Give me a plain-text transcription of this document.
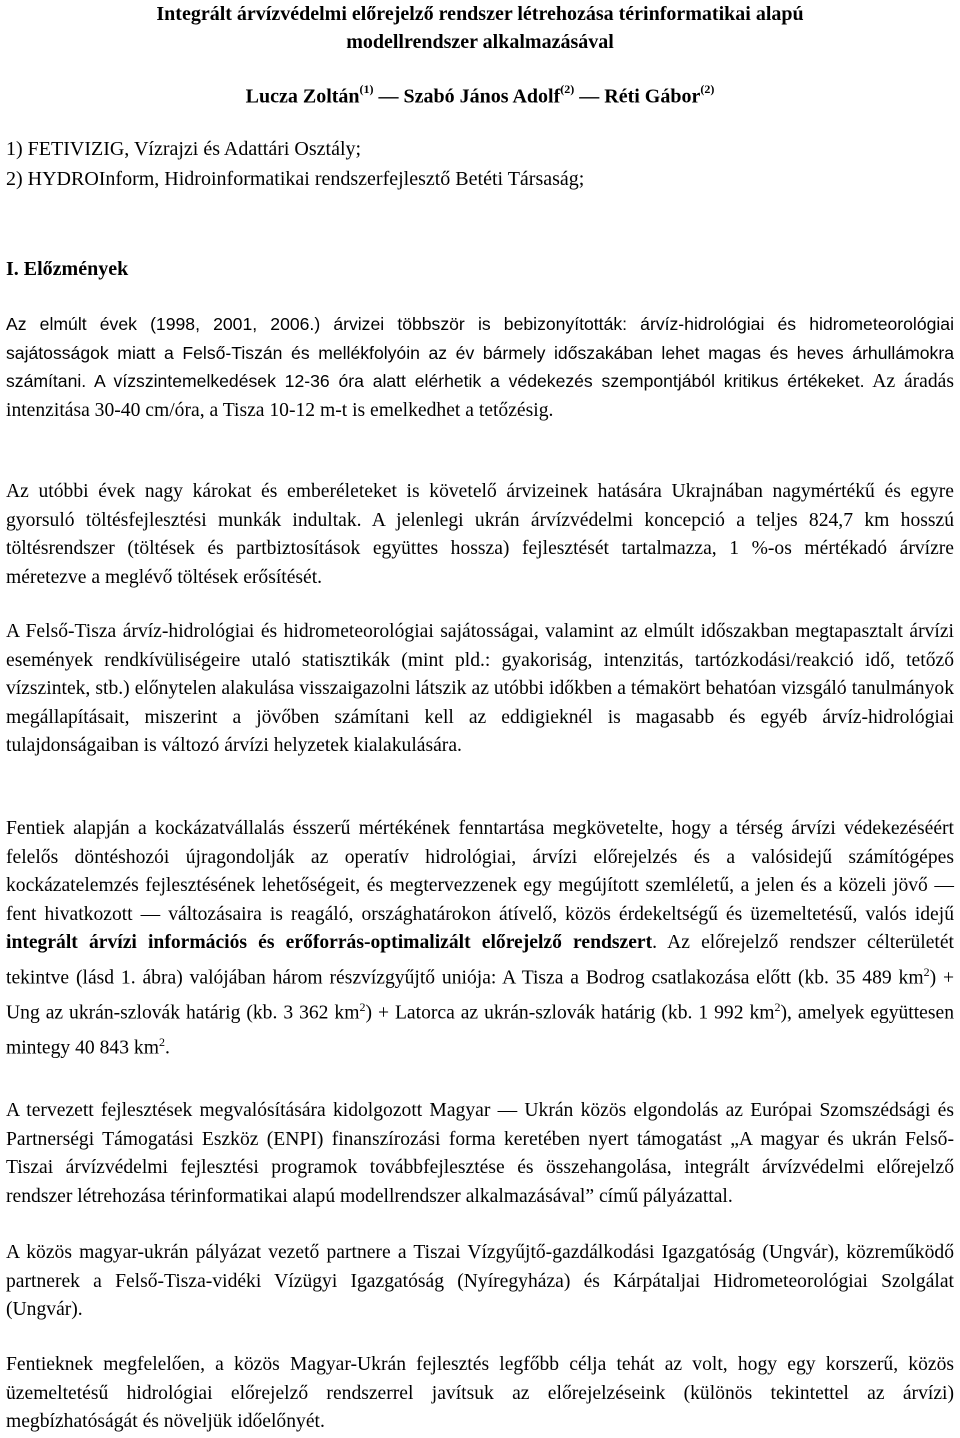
Integrált árvízvédelmi előrejelző rendszer létrehozása térinformatikai alapú
modellrendszer alkalmazásával
Lucza Zoltán$^{(1)}$ — Szabó János Adolf$^{(2)}$ — Réti Gábor$^{(2)}$
1) FETIVIZIG, Vízrajzi és Adattári Osztály;
2) HYDROInform, Hidroinformatikai rendszerfejlesztő Betéti Társaság;
I. Előzmények
Az elmúlt évek (1998, 2001, 2006.) árvizei többször is bebizonyították: árvíz-hidrológiai és hidrometeorológiai sajátosságok miatt a Felső-Tiszán és mellékfolyóin az év bármely időszakában lehet magas és heves árhullámokra számítani. A vízszintemelkedések 12-36 óra alatt elérhetik a védekezés szempontjából kritikus értékeket. Az áradás intenzitása 30-40 cm/óra, a Tisza 10-12 m-t is emelkedhet a tetőzésig.
Az utóbbi évek nagy károkat és emberéleteket is követelő árvizeinek hatására Ukrajnában nagymértékű és egyre gyorsuló töltésfejlesztési munkák indultak. A jelenlegi ukrán árvízvédelmi koncepció a teljes 824,7 km hosszú töltésrendszer (töltések és partbiztosítások együttes hossza) fejlesztését tartalmazza, 1 %-os mértékadó árvízre méretezve a meglévő töltések erősítését.
A Felső-Tisza árvíz-hidrológiai és hidrometeorológiai sajátosságai, valamint az elmúlt időszakban megtapasztalt árvízi események rendkívüliségeire utaló statisztikák (mint pld.: gyakoriság, intenzitás, tartózkodási/reakció idő, tetőző vízszintek, stb.) előnytelen alakulása visszaigazolni látszik az utóbbi időkben a témakört behatóan vizsgáló tanulmányok megállapításait, miszerint a jövőben számítani kell az eddigieknél is magasabb és egyéb árvíz-hidrológiai tulajdonságaiban is változó árvízi helyzetek kialakulására.
Fentiek alapján a kockázatvállalás ésszerű mértékének fenntartása megkövetelte, hogy a térség árvízi védekezéséért felelős döntéshozói újragondolják az operatív hidrológiai, árvízi előrejelzés és a valósidejű számítógépes kockázatelemzés fejlesztésének lehetőségeit, és megtervezzenek egy megújított szemléletű, a jelen és a közeli jövő — fent hivatkozott — változásaira is reagáló, országhatárokon átívelő, közös érdekeltségű és üzemeltetésű, valós idejű integrált árvízi információs és erőforrás-optimalizált előrejelző rendszert. Az előrejelző rendszer célterületét tekintve (lásd 1. ábra) valójában három részvízgyűjtő uniója: A Tisza a Bodrog csatlakozása előtt (kb. 35 489 $km^2$) + Ung az ukrán-szlovák határig (kb. 3 362 $km^2$) + Latorca az ukrán-szlovák határig (kb. 1 992 $km^2$), amelyek együttesen mintegy 40 843 $km^2$.
A tervezett fejlesztések megvalósítására kidolgozott Magyar — Ukrán közös elgondolás az Európai Szomszédsági és Partnerségi Támogatási Eszköz (ENPI) finanszírozási forma keretében nyert támogatást „A magyar és ukrán Felső-Tiszai árvízvédelmi fejlesztési programok továbbfejlesztése és összehangolása, integrált árvízvédelmi előrejelző rendszer létrehozása térinformatikai alapú modellrendszer alkalmazásával” című pályázattal.
A közös magyar-ukrán pályázat vezető partnere a Tiszai Vízgyűjtő-gazdálkodási Igazgatóság (Ungvár), közreműködő partnerek a Felső-Tisza-vidéki Vízügyi Igazgatóság (Nyíregyháza) és Kárpátaljai Hidrometeorológiai Szolgálat (Ungvár).
Fentieknek megfelelően, a közös Magyar-Ukrán fejlesztés legfőbb célja tehát az volt, hogy egy korszerű, közös üzemeltetésű hidrológiai előrejelző rendszerrel javítsuk az előrejelzéseink (különös tekintettel az árvízi) megbízhatóságát és növeljük időelőnyét.
